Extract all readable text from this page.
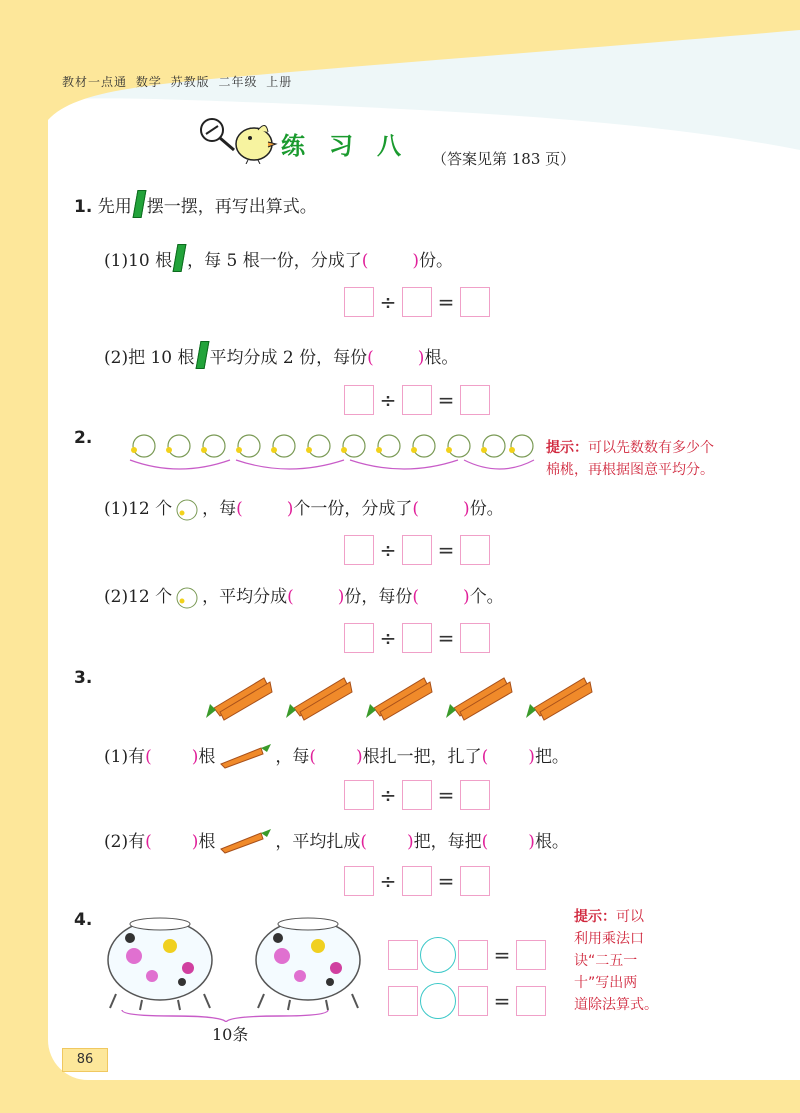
教材一点通 数学 苏教版 二年级 上册
练习八 （答案见第 183 页）
1. 先用 摆一摆，再写出算式。
(1)10 根 ，每 5 根一份，分成了(	)份。
÷ =
(2)把 10 根 平均分成 2 份，每份(	)根。
÷ =
2.	提示：可以先数数有多少个
棉桃，再根据图意平均分。
(1)12 个 ，每(	)个一份，分成了(	)份。
÷ =
(2)12 个 ，平均分成(	)份，每份(	)个。
÷ =
3.
(1)有( )根	，每( )根扎一把，扎了( )把。
÷ =
(2)有( )根	，平均扎成( )把，每把( )根。
÷ =
4.
10条
=
=
提示：可以
利用乘法口
诀“二五一
十”写出两
道除法算式。
86
